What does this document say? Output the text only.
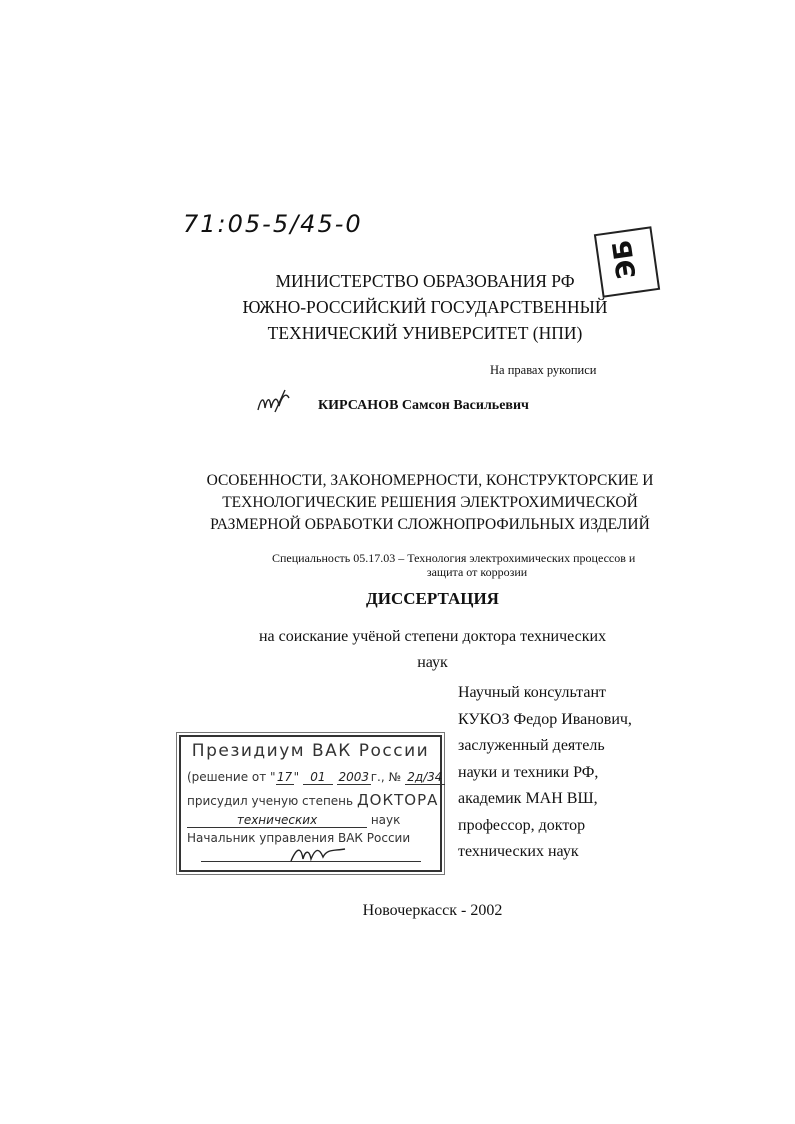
71:05-5/45-0
ЭБ
МИНИСТЕРСТВО ОБРАЗОВАНИЯ РФ
ЮЖНО-РОССИЙСКИЙ ГОСУДАРСТВЕННЫЙ
ТЕХНИЧЕСКИЙ УНИВЕРСИТЕТ (НПИ)
На правах рукописи
КИРСАНОВ Самсон Васильевич
ОСОБЕННОСТИ, ЗАКОНОМЕРНОСТИ, КОНСТРУКТОРСКИЕ И
ТЕХНОЛОГИЧЕСКИЕ РЕШЕНИЯ ЭЛЕКТРОХИМИЧЕСКОЙ
РАЗМЕРНОЙ ОБРАБОТКИ СЛОЖНОПРОФИЛЬНЫХ ИЗДЕЛИЙ
Специальность 05.17.03 – Технология электрохимических процессов и
защита от коррозии
ДИССЕРТАЦИЯ
на соискание учёной степени доктора технических
наук
Научный консультант
КУКОЗ Федор Иванович,
заслуженный деятель
науки и техники РФ,
академик МАН ВШ,
профессор, доктор
технических наук
Президиум ВАК России
(решение от "17" 01 2003 г., № 2д/34
присудил ученую степень ДОКТОРА
технических	наук
Начальник управления ВАК России
Новочеркасск - 2002
